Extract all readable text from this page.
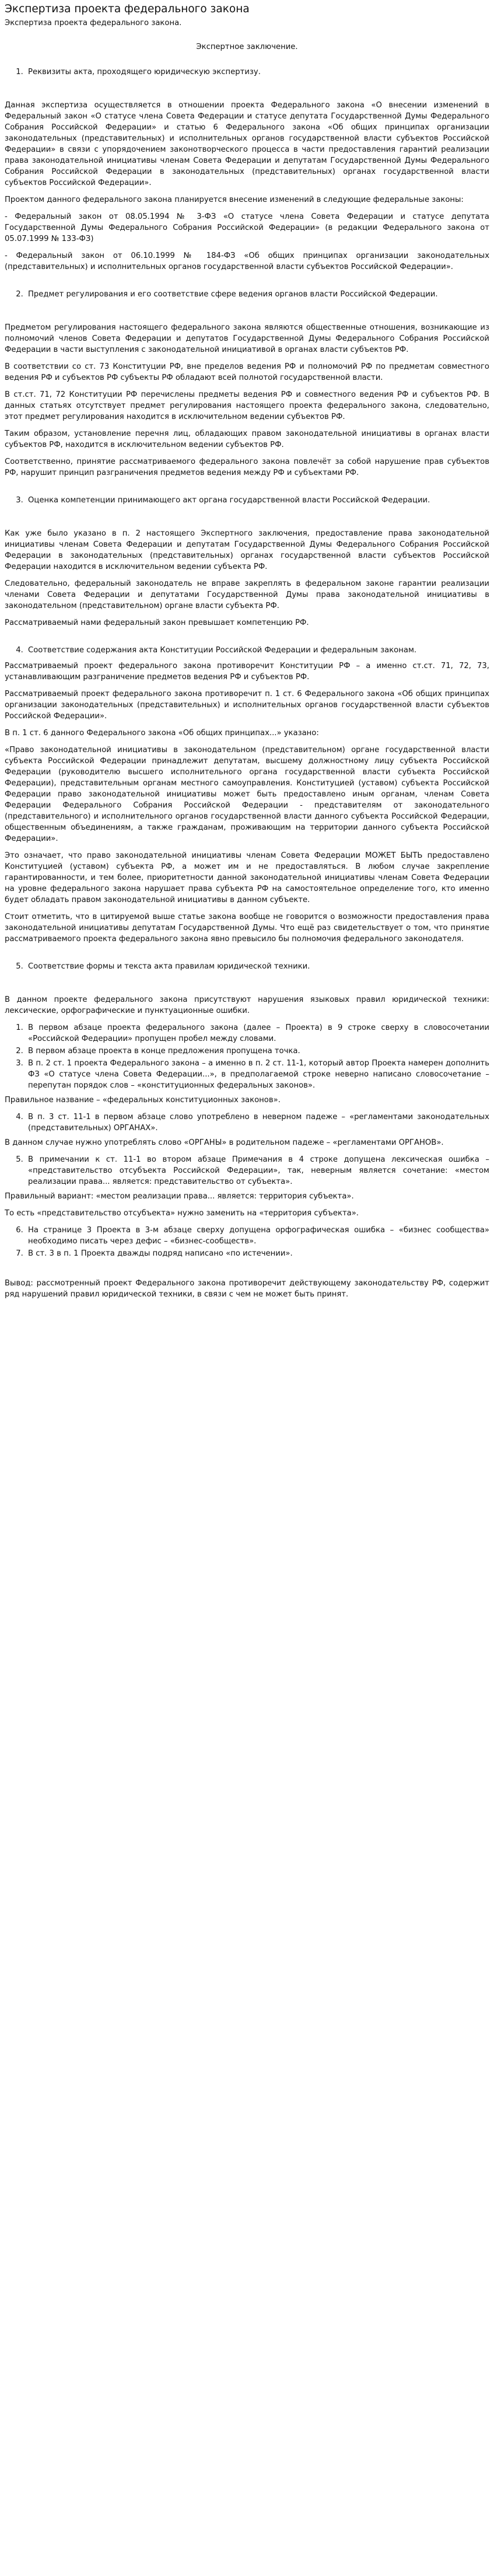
Экспертиза проекта федерального закона
Экспертиза проекта федерального закона.
Экспертное заключение.
1. Реквизиты акта, проходящего юридическую экспертизу.

Данная экспертиза осуществляется в отношении проекта Федерального закона «О внесении изменений в Федеральный закон «О статусе члена Совета Федерации и статусе депутата Государственной Думы Федерального Собрания Российской Федерации» и статью 6 Федерального закона «Об общих принципах организации законодательных (представительных) и исполнительных органов государственной власти субъектов Российской Федерации» в связи с упорядочением законотворческого процесса в части предоставления гарантий реализации права законодательной инициативы членам Совета Федерации и депутатам Государственной Думы Федерального Собрания Российской Федерации в законодательных (представительных) органах государственной власти субъектов Российской Федерации».

Проектом данного федерального закона планируется внесение изменений в следующие федеральные законы:

- Федеральный закон от 08.05.1994 № 3-ФЗ «О статусе члена Совета Федерации и статусе депутата Государственной Думы Федерального Собрания Российской Федерации» (в редакции Федерального закона от 05.07.1999 № 133-ФЗ)

- Федеральный закон от 06.10.1999 № 184-ФЗ «Об общих принципах организации законодательных (представительных) и исполнительных органов государственной власти субъектов Российской Федерации».

2. Предмет регулирования и его соответствие сфере ведения органов власти Российской Федерации.

Предметом регулирования настоящего федерального закона являются общественные отношения, возникающие из полномочий членов Совета Федерации и депутатов Государственной Думы Федерального Собрания Российской Федерации в части выступления с законодательной инициативой в органах власти субъектов РФ.

В соответствии со ст. 73 Конституции РФ, вне пределов ведения РФ и полномочий РФ по предметам совместного ведения РФ и субъектов РФ субъекты РФ обладают всей полнотой государственной власти.

В ст.ст. 71, 72 Конституции РФ перечислены предметы ведения РФ и совместного ведения РФ и субъектов РФ. В данных статьях отсутствует предмет регулирования настоящего проекта федерального закона, следовательно, этот предмет регулирования находится в исключительном ведении субъектов РФ.

Таким образом, установление перечня лиц, обладающих правом законодательной инициативы в органах власти субъектов РФ, находится в исключительном ведении субъектов РФ.

Соответственно, принятие рассматриваемого федерального закона повлечёт за собой нарушение прав субъектов РФ, нарушит принцип разграничения предметов ведения между РФ и субъектами РФ.

3. Оценка компетенции принимающего акт органа государственной власти Российской Федерации.

Как уже было указано в п. 2 настоящего Экспертного заключения, предоставление права законодательной инициативы членам Совета Федерации и депутатам Государственной Думы Федерального Собрания Российской Федерации в законодательных (представительных) органах государственной власти субъектов Российской Федерации находится в исключительном ведении субъекта РФ.

Следовательно, федеральный законодатель не вправе закреплять в федеральном законе гарантии реализации членами Совета Федерации и депутатами Государственной Думы права законодательной инициативы в законодательном (представительном) органе власти субъекта РФ.

Рассматриваемый нами федеральный закон превышает компетенцию РФ.

4. Соответствие содержания акта Конституции Российской Федерации и федеральным законам.

Рассматриваемый проект федерального закона противоречит Конституции РФ – а именно ст.ст. 71, 72, 73, устанавливающим разграничение предметов ведения РФ и субъектов РФ.

Рассматриваемый проект федерального закона противоречит п. 1 ст. 6 Федерального закона «Об общих принципах организации законодательных (представительных) и исполнительных органов государственной власти субъектов Российской Федерации».

В п. 1 ст. 6 данного Федерального закона «Об общих принципах...» указано:

«Право законодательной инициативы в законодательном (представительном) органе государственной власти субъекта Российской Федерации принадлежит депутатам, высшему должностному лицу субъекта Российской Федерации (руководителю высшего исполнительного органа государственной власти субъекта Российской Федерации), представительным органам местного самоуправления. Конституцией (уставом) субъекта Российской Федерации право законодательной инициативы может быть предоставлено иным органам, членам Совета Федерации Федерального Собрания Российской Федерации - представителям от законодательного (представительного) и исполнительного органов государственной власти данного субъекта Российской Федерации, общественным объединениям, а также гражданам, проживающим на территории данного субъекта Российской Федерации».

Это означает, что право законодательной инициативы членам Совета Федерации МОЖЕТ БЫТЬ предоставлено Конституцией (уставом) субъекта РФ, а может им и не предоставляться. В любом случае закрепление гарантированности, и тем более, приоритетности данной законодательной инициативы членам Совета Федерации на уровне федерального закона нарушает права субъекта РФ на самостоятельное определение того, кто именно будет обладать правом законодательной инициативы в данном субъекте.

Стоит отметить, что в цитируемой выше статье закона вообще не говорится о возможности предоставления права законодательной инициативы депутатам Государственной Думы. Что ещё раз свидетельствует о том, что принятие рассматриваемого проекта федерального закона явно превысило бы полномочия федерального законодателя.

5. Соответствие формы и текста акта правилам юридической техники.

В данном проекте федерального закона присутствуют нарушения языковых правил юридической техники: лексические, орфографические и пунктуационные ошибки.

1. В первом абзаце проекта федерального закона (далее – Проекта) в 9 строке сверху в словосочетании «Российской Федерации» пропущен пробел между словами.
2. В первом абзаце проекта в конце предложения пропущена точка.
3. В п. 2 ст. 1 проекта Федерального закона – а именно в п. 2 ст. 11-1, который автор Проекта намерен дополнить ФЗ «О статусе члена Совета Федерации...», в предполагаемой строке неверно написано словосочетание – перепутан порядок слов – «конституционных федеральных законов».

Правильное название – «федеральных конституционных законов».

4. В п. 3 ст. 11-1 в первом абзаце слово употреблено в неверном падеже – «регламентами законодательных (представительных) ОРГАНАХ».

В данном случае нужно употреблять слово «ОРГАНЫ» в родительном падеже – «регламентами ОРГАНОВ».

5. В примечании к ст. 11-1 во втором абзаце Примечания в 4 строке допущена лексическая ошибка – «представительство отсубъекта Российской Федерации», так, неверным является сочетание: «местом реализации права... является: представительство от субъекта».

Правильный вариант: «местом реализации права... является: территория субъекта».

То есть «представительство отсубъекта» нужно заменить на «территория субъекта».

6. На странице 3 Проекта в 3-м абзаце сверху допущена орфографическая ошибка – «бизнес сообщества» необходимо писать через дефис – «бизнес-сообществ».
7. В ст. 3 в п. 1 Проекта дважды подряд написано «по истечении».

Вывод: рассмотренный проект Федерального закона противоречит действующему законодательству РФ, содержит ряд нарушений правил юридической техники, в связи с чем не может быть принят.
